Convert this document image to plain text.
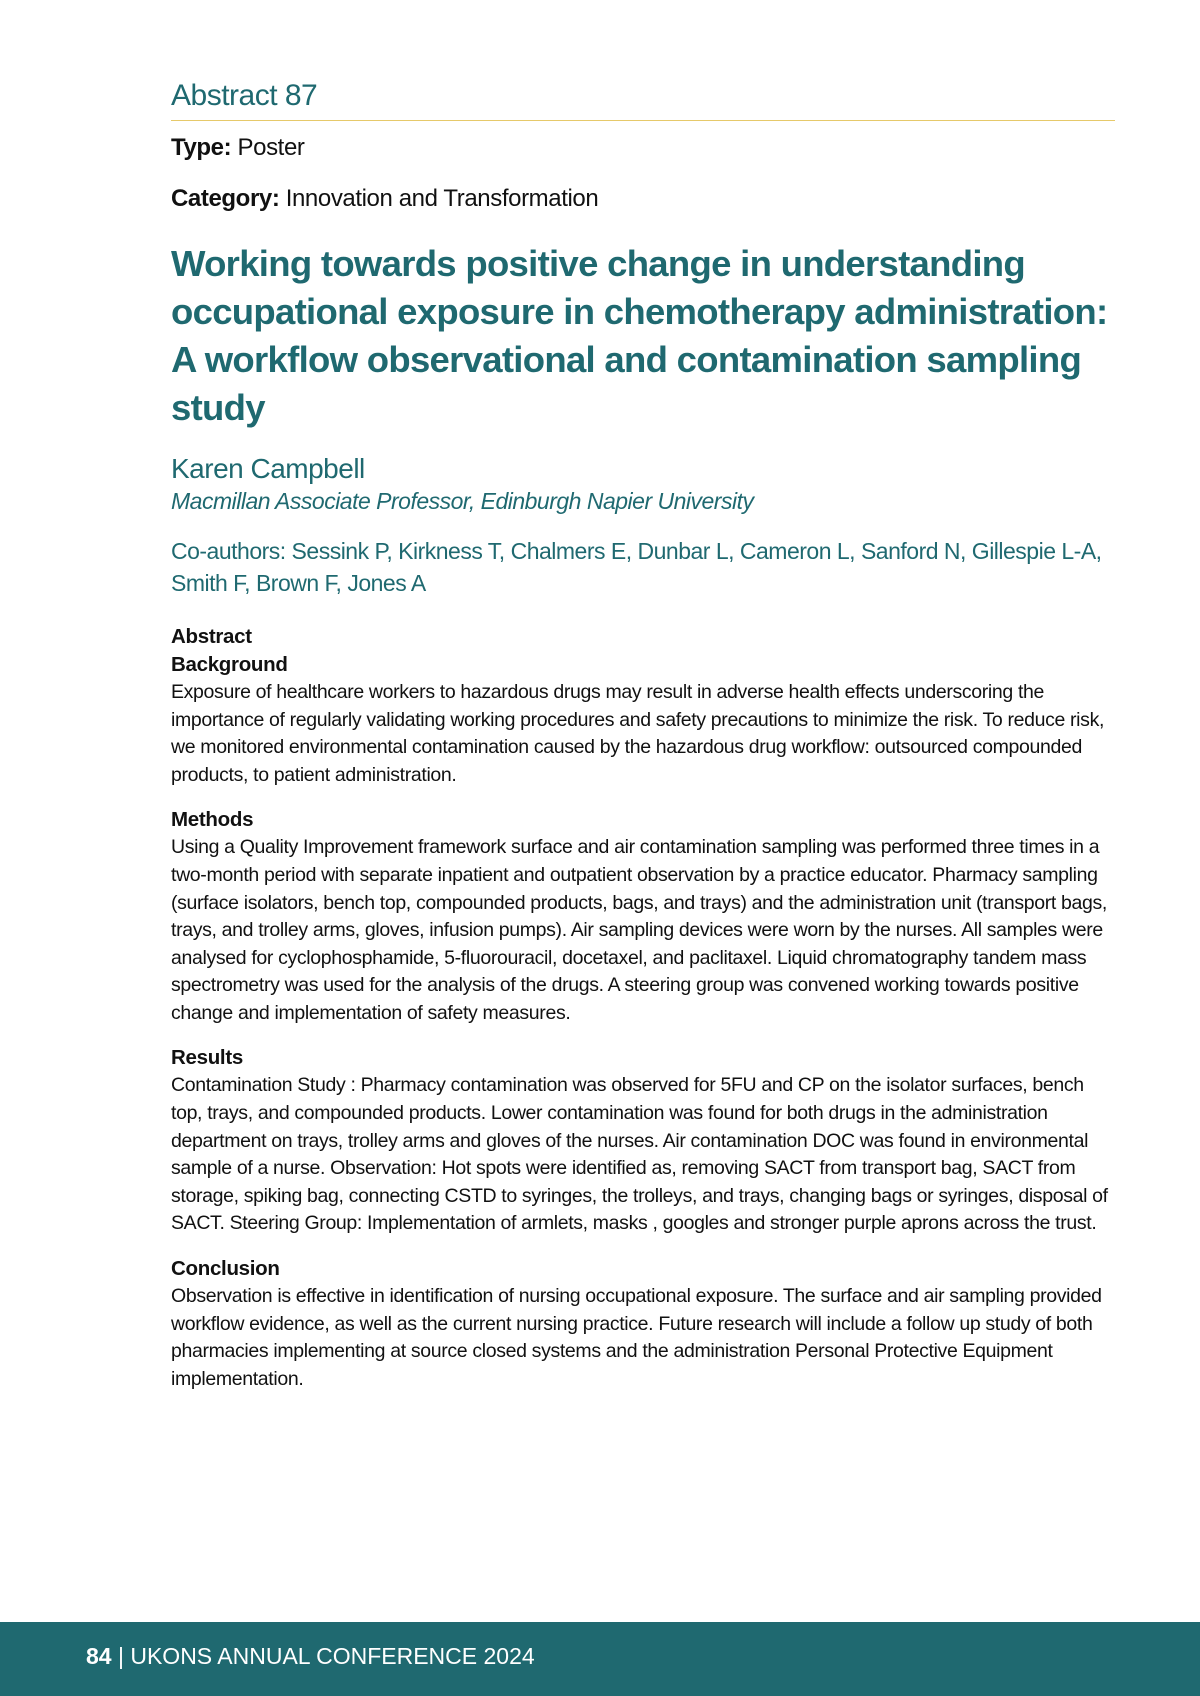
Abstract 87
Type: Poster
Category: Innovation and Transformation
Working towards positive change in understanding occupational exposure in chemotherapy administration: A workflow observational and contamination sampling study
Karen Campbell
Macmillan Associate Professor, Edinburgh Napier University
Co-authors: Sessink P, Kirkness T, Chalmers E, Dunbar L, Cameron L, Sanford N, Gillespie L-A, Smith F, Brown F, Jones A
Abstract
Background
Exposure of healthcare workers to hazardous drugs may result in adverse health effects underscoring the importance of regularly validating working procedures and safety precautions to minimize the risk. To reduce risk, we monitored environmental contamination caused by the hazardous drug workflow: outsourced compounded products, to patient administration.
Methods
Using a Quality Improvement framework surface and air contamination sampling was performed three times in a two-month period with separate inpatient and outpatient observation by a practice educator. Pharmacy sampling (surface isolators, bench top, compounded products, bags, and trays) and the administration unit (transport bags, trays, and trolley arms, gloves, infusion pumps). Air sampling devices were worn by the nurses. All samples were analysed for cyclophosphamide, 5-fluorouracil, docetaxel, and paclitaxel. Liquid chromatography tandem mass spectrometry was used for the analysis of the drugs. A steering group was convened working towards positive change and implementation of safety measures.
Results
Contamination Study : Pharmacy contamination was observed for 5FU and CP on the isolator surfaces, bench top, trays, and compounded products. Lower contamination was found for both drugs in the administration department on trays, trolley arms and gloves of the nurses. Air contamination DOC was found in environmental sample of a nurse. Observation: Hot spots were identified as, removing SACT from transport bag, SACT from storage, spiking bag, connecting CSTD to syringes, the trolleys, and trays, changing bags or syringes, disposal of SACT. Steering Group: Implementation of armlets, masks , googles and stronger purple aprons across the trust.
Conclusion
Observation is effective in identification of nursing occupational exposure. The surface and air sampling provided workflow evidence, as well as the current nursing practice. Future research will include a follow up study of both pharmacies implementing at source closed systems and the administration Personal Protective Equipment implementation.
84 | UKONS ANNUAL CONFERENCE 2024
